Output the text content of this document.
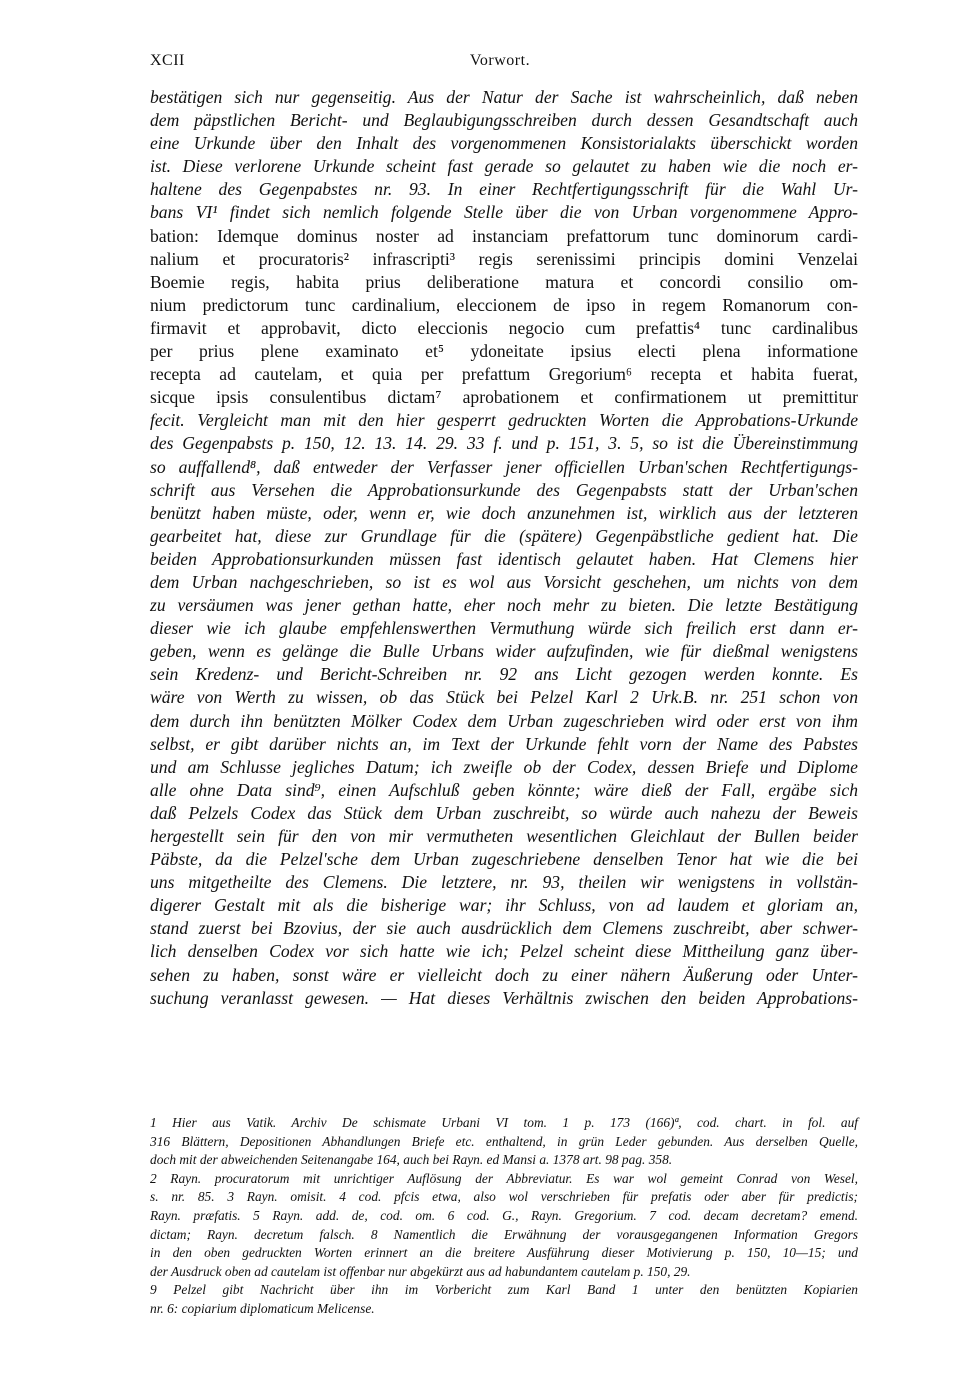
XCII	Vorwort.
bestätigen sich nur gegenseitig. Aus der Natur der Sache ist wahrscheinlich, daß neben
dem päpstlichen Bericht- und Beglaubigungsschreiben durch dessen Gesandtschaft auch
eine Urkunde über den Inhalt des vorgenommenen Konsistorialakts überschickt worden
ist. Diese verlorene Urkunde scheint fast gerade so gelautet zu haben wie die noch er-
haltene des Gegenpabstes nr. 93. In einer Rechtfertigungsschrift für die Wahl Ur-
bans VI¹ findet sich nemlich folgende Stelle über die von Urban vorgenommene Appro-
bation: Idemque dominus noster ad instanciam prefattorum tunc dominorum cardi-
nalium et procuratoris² infrascripti³ regis serenissimi principis domini Venzelai
Boemie regis, habita prius deliberatione matura et concordi consilio om-
nium predictorum tunc cardinalium, eleccionem de ipso in regem Romanorum con-
firmavit et approbavit, dicto eleccionis negocio cum prefattis⁴ tunc cardinalibus
per prius plene examinato et⁵ ydoneitate ipsius electi plena informatione
recepta ad cautelam, et quia per prefattum Gregorium⁶ recepta et habita fuerat,
sicque ipsis consulentibus dictam⁷ aprobationem et confirmationem ut premittitur
fecit. Vergleicht man mit den hier gesperrt gedruckten Worten die Approbations-Urkunde
des Gegenpabsts p. 150, 12. 13. 14. 29. 33 f. und p. 151, 3. 5, so ist die Übereinstimmung
so auffallend⁸, daß entweder der Verfasser jener officiellen Urban'schen Rechtfertigungs-
schrift aus Versehen die Approbationsurkunde des Gegenpabsts statt der Urban'schen
benützt haben müste, oder, wenn er, wie doch anzunehmen ist, wirklich aus der letzteren
gearbeitet hat, diese zur Grundlage für die (spätere) Gegenpäbstliche gedient hat. Die
beiden Approbationsurkunden müssen fast identisch gelautet haben. Hat Clemens hier
dem Urban nachgeschrieben, so ist es wol aus Vorsicht geschehen, um nichts von dem
zu versäumen was jener gethan hatte, eher noch mehr zu bieten. Die letzte Bestätigung
dieser wie ich glaube empfehlenswerthen Vermuthung würde sich freilich erst dann er-
geben, wenn es gelänge die Bulle Urbans wider aufzufinden, wie für dießmal wenigstens
sein Kredenz- und Bericht-Schreiben nr. 92 ans Licht gezogen werden konnte. Es
wäre von Werth zu wissen, ob das Stück bei Pelzel Karl 2 Urk.B. nr. 251 schon von
dem durch ihn benützten Mölker Codex dem Urban zugeschrieben wird oder erst von ihm
selbst, er gibt darüber nichts an, im Text der Urkunde fehlt vorn der Name des Pabstes
und am Schlusse jegliches Datum; ich zweifle ob der Codex, dessen Briefe und Diplome
alle ohne Data sind⁹, einen Aufschluß geben könnte; wäre dieß der Fall, ergäbe sich
daß Pelzels Codex das Stück dem Urban zuschreibt, so würde auch nahezu der Beweis
hergestellt sein für den von mir vermutheten wesentlichen Gleichlaut der Bullen beider
Päbste, da die Pelzel'sche dem Urban zugeschriebene denselben Tenor hat wie die bei
uns mitgetheilte des Clemens. Die letztere, nr. 93, theilen wir wenigstens in vollstän-
digerer Gestalt mit als die bisherige war; ihr Schluss, von ad laudem et gloriam an,
stand zuerst bei Bzovius, der sie auch ausdrücklich dem Clemens zuschreibt, aber schwer-
lich denselben Codex vor sich hatte wie ich; Pelzel scheint diese Mittheilung ganz über-
sehen zu haben, sonst wäre er vielleicht doch zu einer nähern Äußerung oder Unter-
suchung veranlasst gewesen. — Hat dieses Verhältnis zwischen den beiden Approbations-
1 Hier aus Vatik. Archiv De schismate Urbani VI tom. 1 p. 173 (166)ª, cod. chart. in fol. auf
316 Blättern, Depositionen Abhandlungen Briefe etc. enthaltend, in grün Leder gebunden. Aus derselben Quelle,
doch mit der abweichenden Seitenangabe 164, auch bei Rayn. ed Mansi a. 1378 art. 98 pag. 358.
2 Rayn. procuratorum mit unrichtiger Auflösung der Abbreviatur. Es war wol gemeint Conrad von Wesel,
s. nr. 85. 3 Rayn. omisit. 4 cod. pfcis etwa, also wol verschrieben für prefatis oder aber für predictis;
Rayn. præfatis. 5 Rayn. add. de, cod. om. 6 cod. G., Rayn. Gregorium. 7 cod. decam decretam? emend.
dictam; Rayn. decretum falsch. 8 Namentlich die Erwähnung der vorausgegangenen Information Gregors
in den oben gedruckten Worten erinnert an die breitere Ausführung dieser Motivierung p. 150, 10—15; und
der Ausdruck oben ad cautelam ist offenbar nur abgekürzt aus ad habundantem cautelam p. 150, 29.
9 Pelzel gibt Nachricht über ihn im Vorbericht zum Karl Band 1 unter den benützten Kopiarien
nr. 6: copiarium diplomaticum Melicense.
